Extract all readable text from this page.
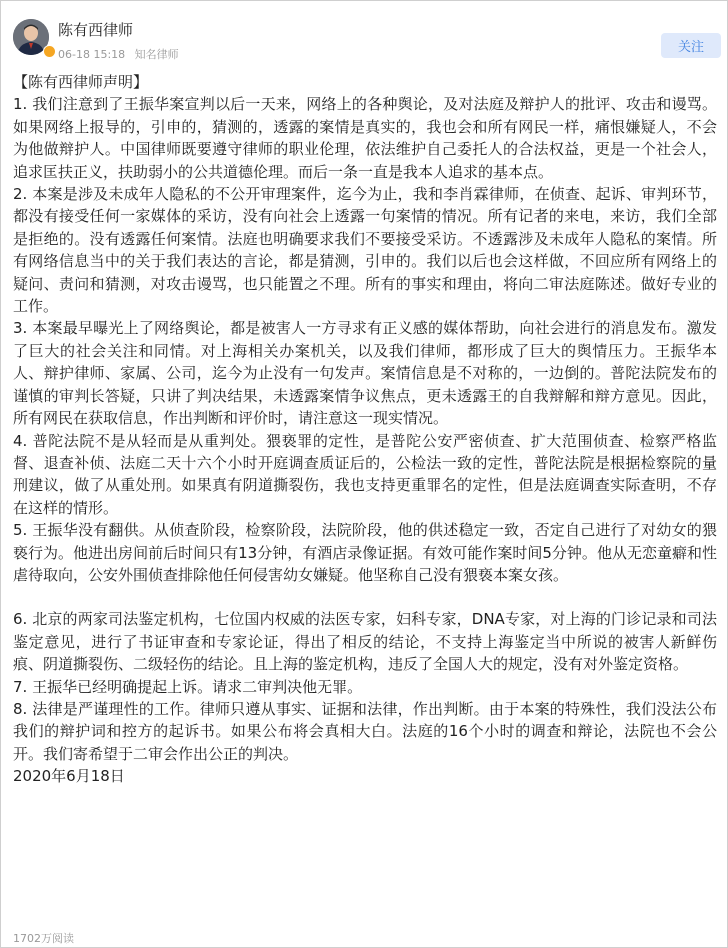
陈有西律师
06-18 15:18 知名律师	关注

【陈有西律师声明】

1. 我们注意到了王振华案宣判以后一天来，网络上的各种舆论，及对法庭及辩护人的批评、攻击和谩骂。如果网络上报导的，引申的，猜测的，透露的案情是真实的，我也会和所有网民一样，痛恨嫌疑人，不会为他做辩护人。中国律师既要遵守律师的职业伦理，依法维护自己委托人的合法权益，更是一个社会人，追求匡扶正义，扶助弱小的公共道德伦理。而后一条一直是我本人追求的基本点。

2. 本案是涉及未成年人隐私的不公开审理案件，迄今为止，我和李肖霖律师，在侦查、起诉、审判环节，都没有接受任何一家媒体的采访，没有向社会上透露一句案情的情况。所有记者的来电，来访，我们全部是拒绝的。没有透露任何案情。法庭也明确要求我们不要接受采访。不透露涉及未成年人隐私的案情。所有网络信息当中的关于我们表达的言论，都是猜测，引申的。我们以后也会这样做，不回应所有网络上的疑问、责问和猜测，对攻击谩骂，也只能置之不理。所有的事实和理由，将向二审法庭陈述。做好专业的工作。

3. 本案最早曝光上了网络舆论，都是被害人一方寻求有正义感的媒体帮助，向社会进行的消息发布。激发了巨大的社会关注和同情。对上海相关办案机关，以及我们律师，都形成了巨大的舆情压力。王振华本人、辩护律师、家属、公司，迄今为止没有一句发声。案情信息是不对称的，一边倒的。普陀法院发布的谨慎的审判长答疑，只讲了判决结果，未透露案情争议焦点，更未透露王的自我辩解和辩方意见。因此，所有网民在获取信息，作出判断和评价时，请注意这一现实情况。

4. 普陀法院不是从轻而是从重判处。猥亵罪的定性，是普陀公安严密侦查、扩大范围侦查、检察严格监督、退查补侦、法庭二天十六个小时开庭调查质证后的，公检法一致的定性，普陀法院是根据检察院的量刑建议，做了从重处刑。如果真有阴道撕裂伤，我也支持更重罪名的定性，但是法庭调查实际查明，不存在这样的情形。

5. 王振华没有翻供。从侦查阶段，检察阶段，法院阶段，他的供述稳定一致，否定自己进行了对幼女的猥亵行为。他进出房间前后时间只有13分钟，有酒店录像证据。有效可能作案时间5分钟。他从无恋童癖和性虐待取向，公安外围侦查排除他任何侵害幼女嫌疑。他坚称自己没有猥亵本案女孩。

6. 北京的两家司法鉴定机构，七位国内权威的法医专家，妇科专家，DNA专家，对上海的门诊记录和司法鉴定意见，进行了书证审查和专家论证，得出了相反的结论，不支持上海鉴定当中所说的被害人新鲜伤痕、阴道撕裂伤、二级轻伤的结论。且上海的鉴定机构，违反了全国人大的规定，没有对外鉴定资格。

7. 王振华已经明确提起上诉。请求二审判决他无罪。

8. 法律是严谨理性的工作。律师只遵从事实、证据和法律，作出判断。由于本案的特殊性，我们没法公布我们的辩护词和控方的起诉书。如果公布将会真相大白。法庭的16个小时的调查和辩论，法院也不会公开。我们寄希望于二审会作出公正的判决。

2020年6月18日

1702万阅读
